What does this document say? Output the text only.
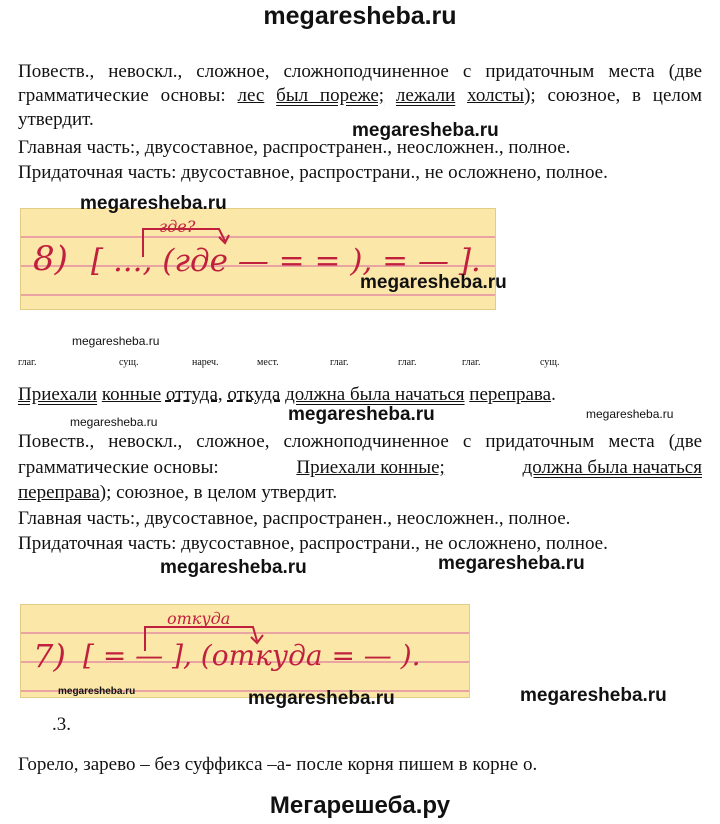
megaresheba.ru
Повеств., невоскл., сложное, сложноподчиненное с придаточным места (две грамматические основы: лес был пореже; лежали холсты); союзное, в целом утвердит.
Главная часть:, двусоставное, распространен., неосложнен., полное.
Придаточная часть: двусоставное, распространи., не осложнено, полное.
8) [ ..., (где — = = ), = — ].
где?
глаг.	сущ.	нареч.	мест.	глаг.	глаг.	глаг.	сущ.
Приехали конные оттуда, откуда должна была начаться переправа.
Повеств., невоскл., сложное, сложноподчиненное с придаточным места (две
грамматические основы:	Приехали конные;	должна была начаться
переправа); союзное, в целом утвердит.
Главная часть:, двусоставное, распространен., неосложнен., полное.
Придаточная часть: двусоставное, распространи., не осложнено, полное.
7) [ = — ], (откуда = — ).
откуда
.3.
Горело, зарево – без суффикса –а- после корня пишем в корне о.
megaresheba.ru
megaresheba.ru
megaresheba.ru
megaresheba.ru
megaresheba.ru	megaresheba.ru	megaresheba.ru
megaresheba.ru	megaresheba.ru
megaresheba.ru	megaresheba.ru	megaresheba.ru
Мегарешеба.ру
